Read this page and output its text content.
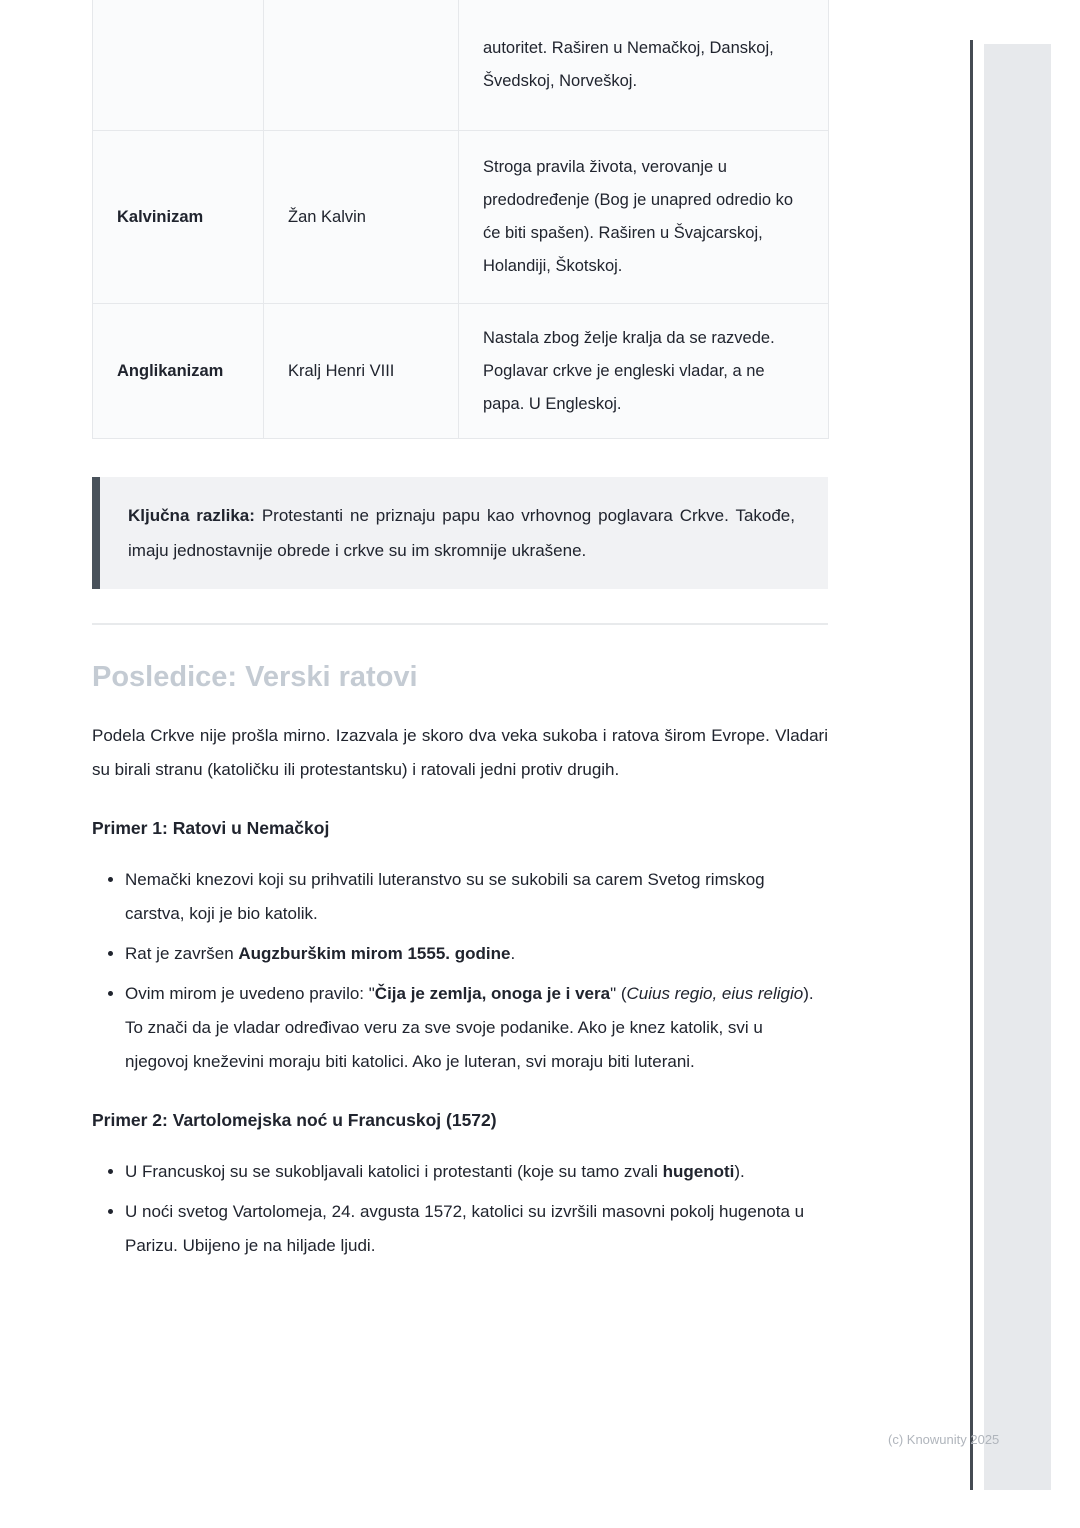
		autoritet. Raširen u Nemačkoj, Danskoj, Švedskoj, Norveškoj.
Kalvinizam	Žan Kalvin	Stroga pravila života, verovanje u predodređenje (Bog je unapred odredio ko će biti spašen). Raširen u Švajcarskoj, Holandiji, Škotskoj.
Anglikanizam	Kralj Henri VIII	Nastala zbog želje kralja da se razvede. Poglavar crkve je engleski vladar, a ne papa. U Engleskoj.

Ključna razlika: Protestanti ne priznaju papu kao vrhovnog poglavara Crkve. Takođe, imaju jednostavnije obrede i crkve su im skromnije ukrašene.

Posledice: Verski ratovi

Podela Crkve nije prošla mirno. Izazvala je skoro dva veka sukoba i ratova širom Evrope. Vladari su birali stranu (katoličku ili protestantsku) i ratovali jedni protiv drugih.

Primer 1: Ratovi u Nemačkoj
• Nemački knezovi koji su prihvatili luteranstvo su se sukobili sa carem Svetog rimskog carstva, koji je bio katolik.
• Rat je završen Augzburškim mirom 1555. godine.
• Ovim mirom je uvedeno pravilo: "Čija je zemlja, onoga je i vera" (Cuius regio, eius religio). To znači da je vladar određivao veru za sve svoje podanike. Ako je knez katolik, svi u njegovoj kneževini moraju biti katolici. Ako je luteran, svi moraju biti luterani.
Primer 2: Vartolomejska noć u Francuskoj (1572)
• U Francuskoj su se sukobljavali katolici i protestanti (koje su tamo zvali hugenoti).
• U noći svetog Vartolomeja, 24. avgusta 1572, katolici su izvršili masovni pokolj hugenota u Parizu. Ubijeno je na hiljade ljudi.
(c) Knowunity 2025
